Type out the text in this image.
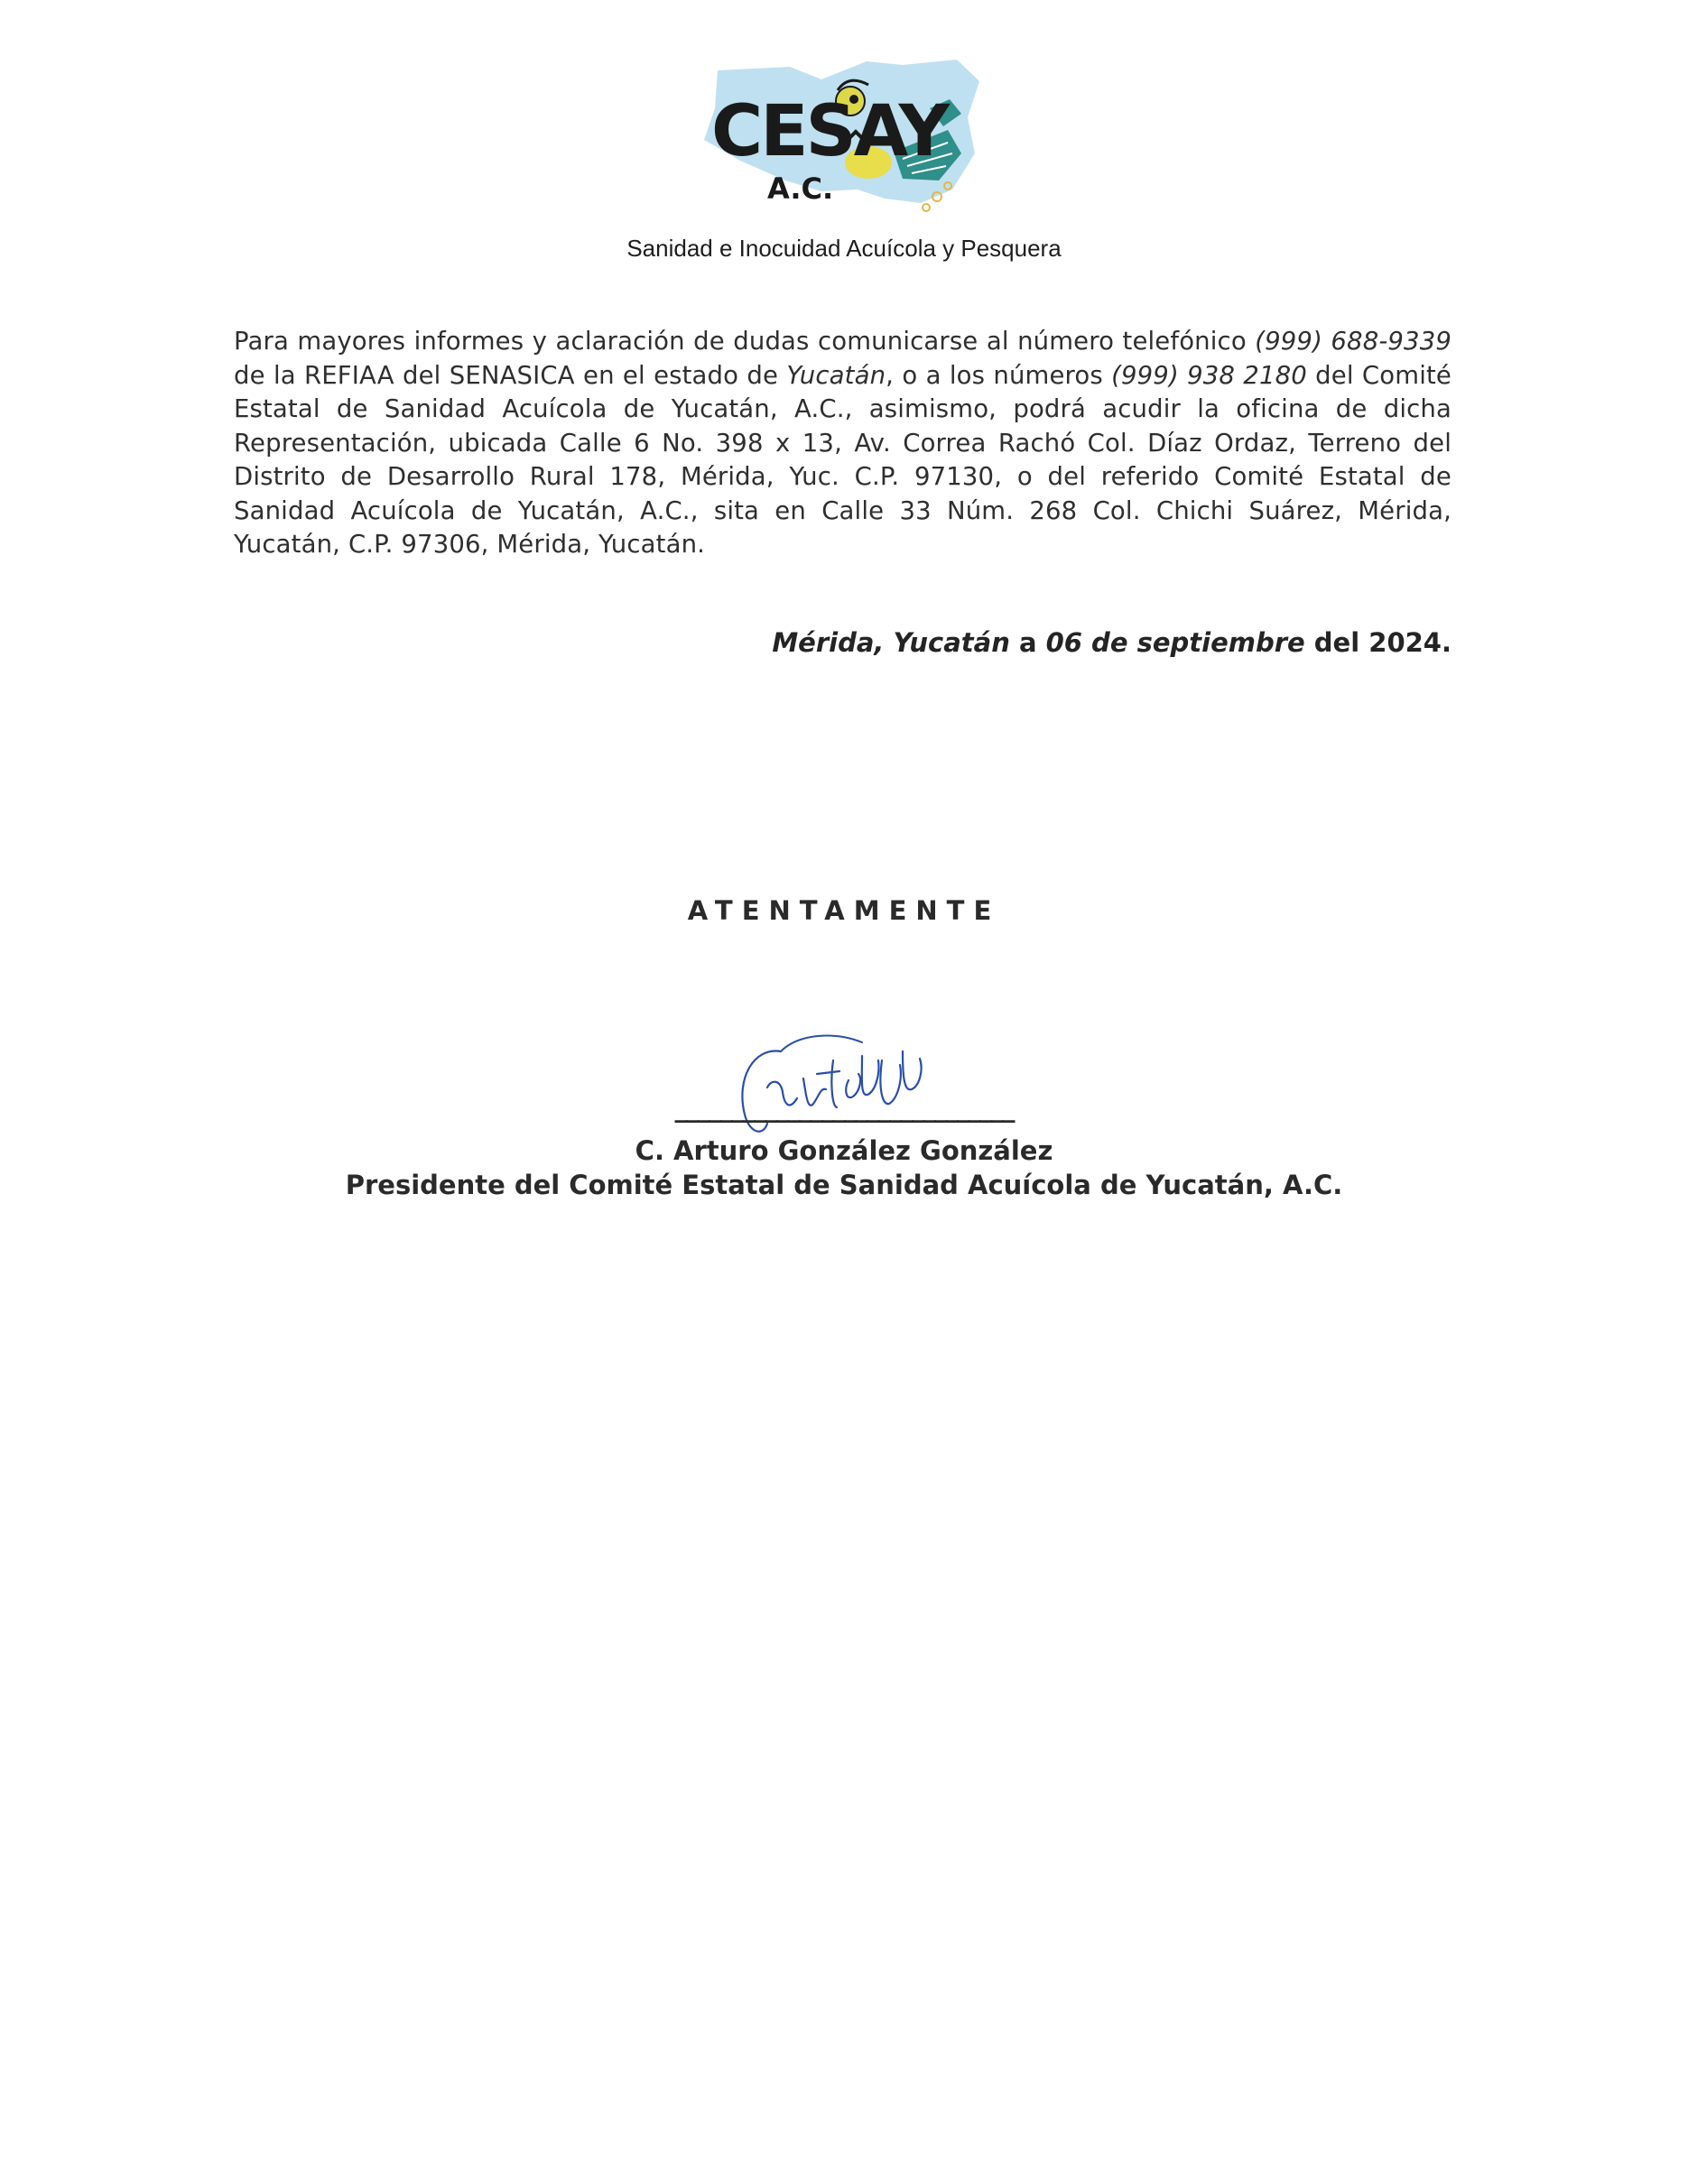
CESAY
A.C.
Sanidad e Inocuidad Acuícola y Pesquera
Para mayores informes y aclaración de dudas comunicarse al número telefónico (999) 688-9339 de la REFIAA del SENASICA en el estado de Yucatán, o a los números (999) 938 2180 del Comité Estatal de Sanidad Acuícola de Yucatán, A.C., asimismo, podrá acudir la oficina de dicha Representación, ubicada Calle 6 No. 398 x 13, Av. Correa Rachó Col. Díaz Ordaz, Terreno del Distrito de Desarrollo Rural 178, Mérida, Yuc. C.P. 97130, o del referido Comité Estatal de Sanidad Acuícola de Yucatán, A.C., sita en Calle 33 Núm. 268 Col. Chichi Suárez, Mérida, Yucatán, C.P. 97306, Mérida, Yucatán.
Mérida, Yucatán a 06 de septiembre del 2024.
ATENTAMENTE
______________________________
C. Arturo González González
Presidente del Comité Estatal de Sanidad Acuícola de Yucatán, A.C.
